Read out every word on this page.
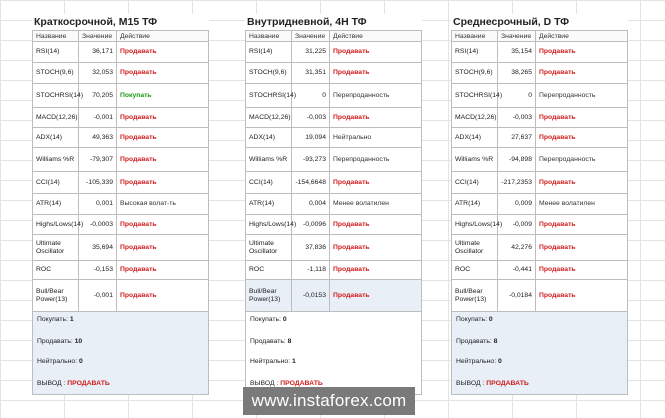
Краткосрочной, M15 ТФ
Название	Значение	Действие
RSI(14)	36,171	Продавать
STOCH(9,6)	32,053	Продавать
STOCHRSI(14)	70,205	Покупать
MACD(12,26)	-0,001	Продавать
ADX(14)	49,363	Продавать
Williams %R	-79,307	Продавать
CCI(14)	-105,339	Продавать
ATR(14)	0,001	Высокая волат-ть
Highs/Lows(14)	-0,0003	Продавать
Ultimate Oscillator	35,694	Продавать
ROC	-0,153	Продавать
Bull/Bear Power(13)	-0,001	Продавать
Покупать: 1
Продавать: 10
Нейтрально: 0
ВЫВОД : ПРОДАВАТЬ
Внутридневной, 4H ТФ
Название	Значение	Действие
RSI(14)	31,225	Продавать
STOCH(9,6)	31,351	Продавать
STOCHRSI(14)	0	Перепроданность
MACD(12,26)	-0,003	Продавать
ADX(14)	19,094	Нейтрально
Williams %R	-93,273	Перепроданность
CCI(14)	-154,6648	Продавать
ATR(14)	0,004	Менее волатилен
Highs/Lows(14)	-0,0096	Продавать
Ultimate Oscillator	37,836	Продавать
ROC	-1,118	Продавать
Bull/Bear Power(13)	-0,0153	Продавать
Покупать: 0
Продавать: 8
Нейтрально: 1
ВЫВОД : ПРОДАВАТЬ
Среднесрочный, D ТФ
Название	Значение	Действие
RSI(14)	35,154	Продавать
STOCH(9,6)	38,265	Продавать
STOCHRSI(14)	0	Перепроданность
MACD(12,26)	-0,003	Продавать
ADX(14)	27,637	Продавать
Williams %R	-94,898	Перепроданность
CCI(14)	-217,2353	Продавать
ATR(14)	0,009	Менее волатилен
Highs/Lows(14)	-0,009	Продавать
Ultimate Oscillator	42,276	Продавать
ROC	-0,441	Продавать
Bull/Bear Power(13)	-0,0184	Продавать
Покупать: 0
Продавать: 8
Нейтрально: 0
ВЫВОД : ПРОДАВАТЬ
www.instaforex.com
